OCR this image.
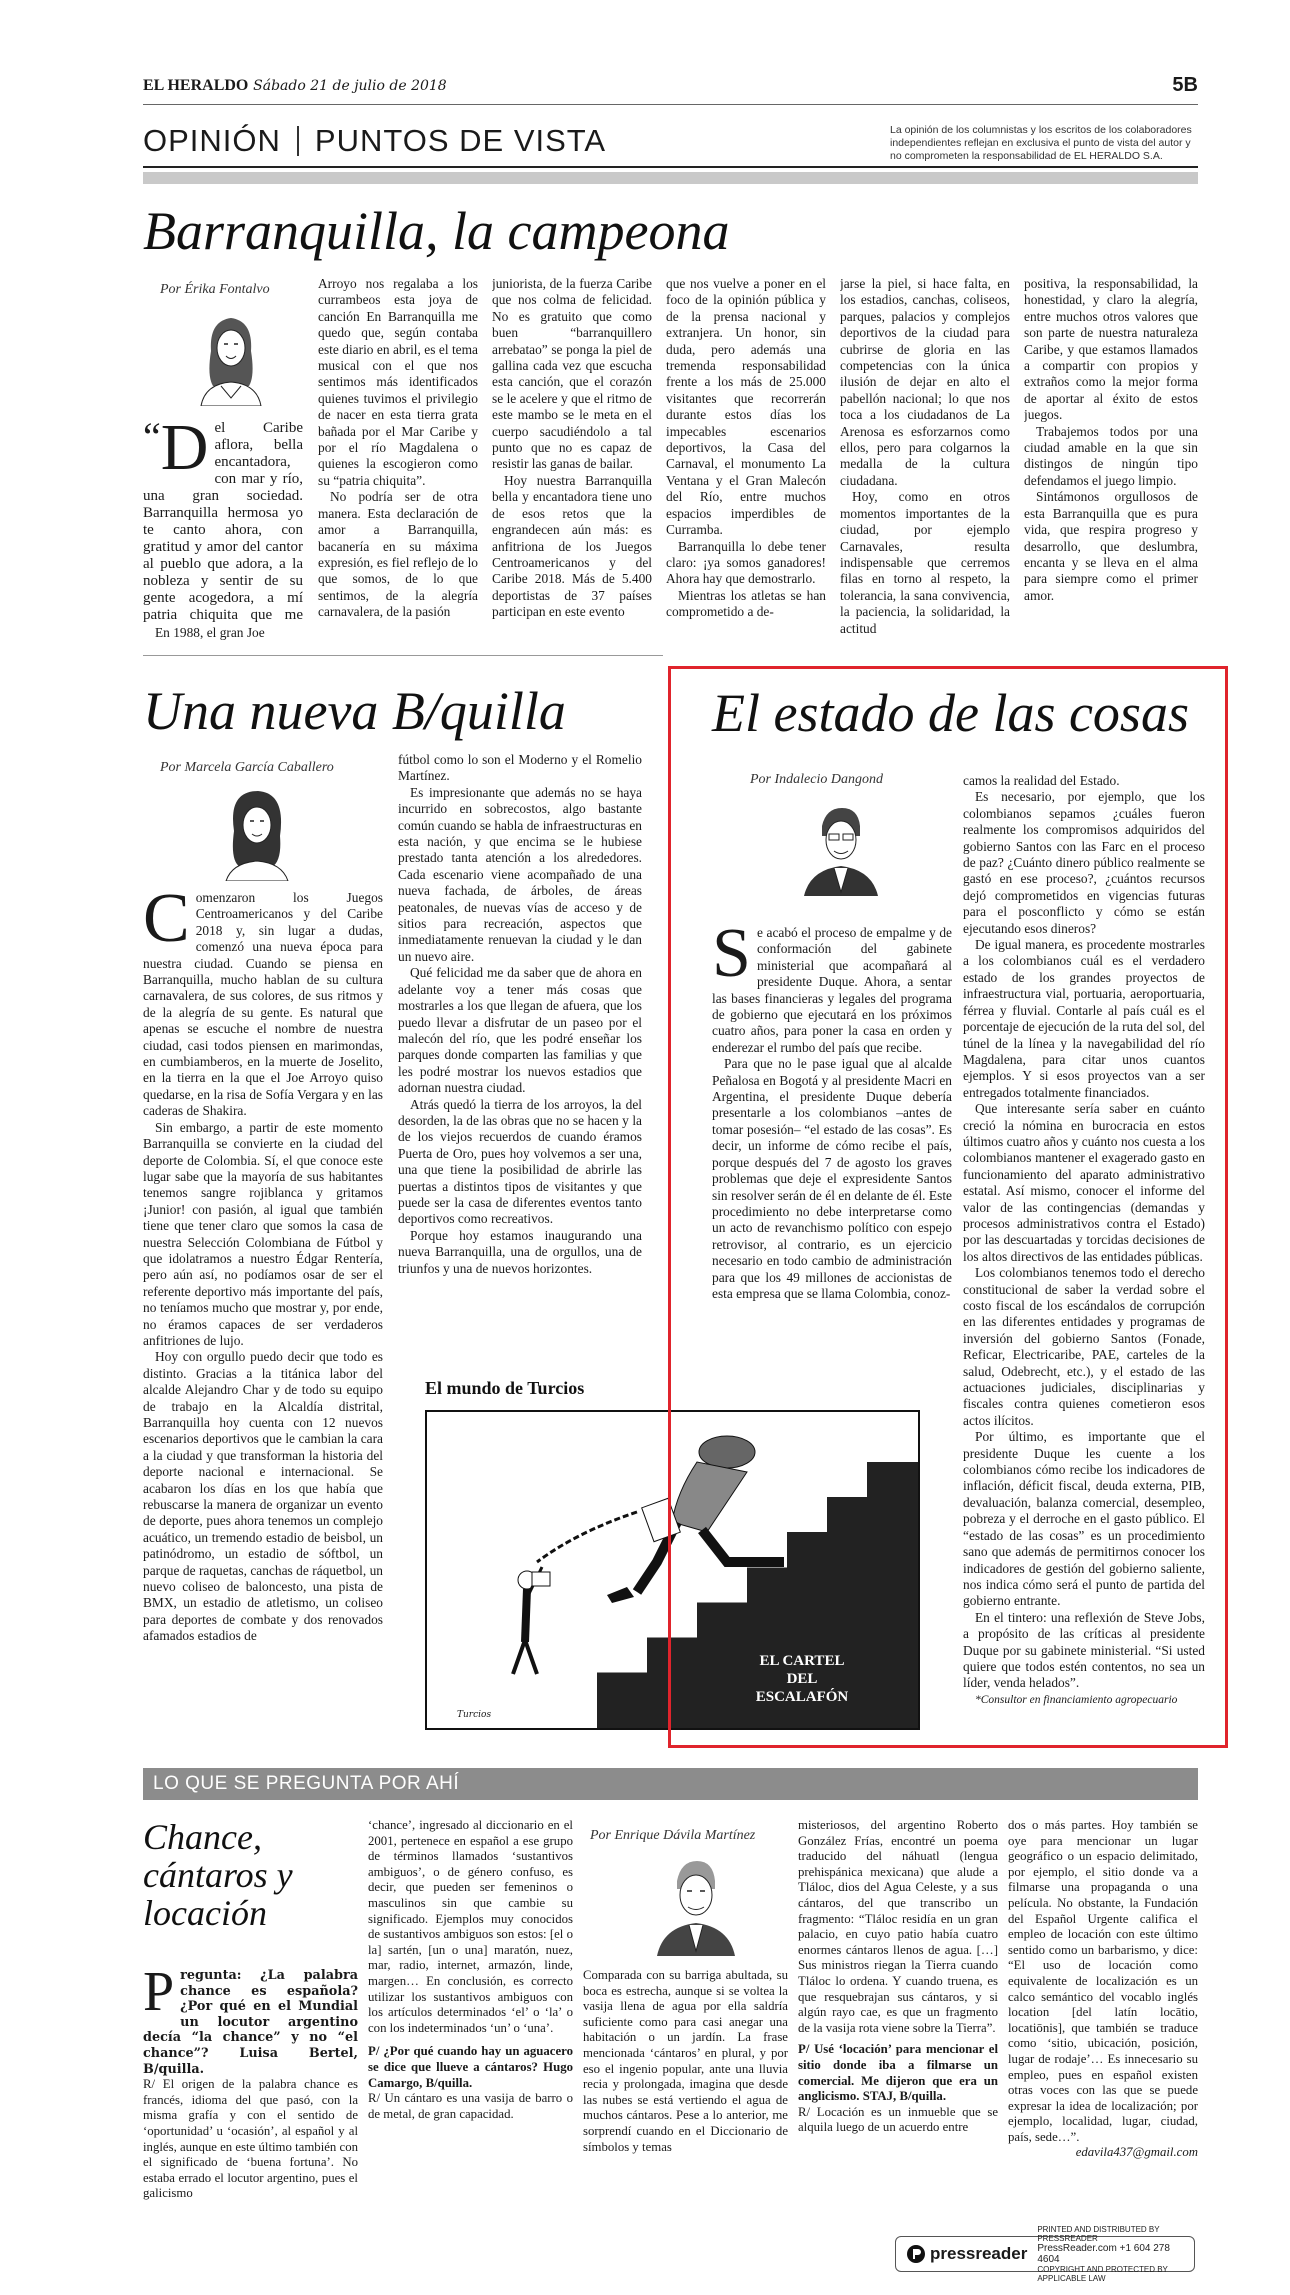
EL HERALDO Sábado 21 de julio de 2018	5B
OPINIÓN PUNTOS DE VISTA	La opinión de los columnistas y los escritos de los colaboradores independientes reflejan en exclusiva el punto de vista del autor y no comprometen la responsabilidad de EL HERALDO S.A.
Barranquilla, la campeona
Por Érika Fontalvo
“ D el Caribe aflora, bella encantadora, con mar y río, una gran sociedad. Barranquilla hermosa yo te canto ahora, con gratitud y amor del cantor al pueblo que adora, a la nobleza y sentir de su gente acogedora, a mí patria chiquita que me

En 1988, el gran Joe

Arroyo nos regalaba a los currambeos esta joya de canción En Barranquilla me quedo que, según contaba este diario en abril, es el tema musical con el que nos sentimos más identificados quienes tuvimos el privilegio de nacer en esta tierra grata bañada por el Mar Caribe y por el río Magdalena o quienes la escogieron como su “patria chiquita”.

No podría ser de otra manera. Esta declaración de amor a Barranquilla, bacanería en su máxima expresión, es fiel reflejo de lo que somos, de lo que sentimos, de la alegría carnavalera, de la pasión

juniorista, de la fuerza Caribe que nos colma de felicidad. No es gratuito que como buen “barranquillero arrebatao” se ponga la piel de gallina cada vez que escucha esta canción, que el corazón se le acelere y que el ritmo de este mambo se le meta en el cuerpo sacudiéndolo a tal punto que no es capaz de resistir las ganas de bailar.

Hoy nuestra Barranquilla bella y encantadora tiene uno de esos retos que la engrandecen aún más: es anfitriona de los Juegos Centroamericanos y del Caribe 2018. Más de 5.400 deportistas de 37 países participan en este evento

que nos vuelve a poner en el foco de la opinión pública y de la prensa nacional y extranjera. Un honor, sin duda, pero además una tremenda responsabilidad frente a los más de 25.000 visitantes que recorrerán durante estos días los impecables escenarios deportivos, la Casa del Carnaval, el monumento La Ventana y el Gran Malecón del Río, entre muchos espacios imperdibles de Curramba.

Barranquilla lo debe tener claro: ¡ya somos ganadores! Ahora hay que demostrarlo.

Mientras los atletas se han comprometido a de-

jarse la piel, si hace falta, en los estadios, canchas, coliseos, parques, palacios y complejos deportivos de la ciudad para cubrirse de gloria en las competencias con la única ilusión de dejar en alto el pabellón nacional; lo que nos toca a los ciudadanos de La Arenosa es esforzarnos como ellos, pero para colgarnos la medalla de la cultura ciudadana.

Hoy, como en otros momentos importantes de la ciudad, por ejemplo Carnavales, resulta indispensable que cerremos filas en torno al respeto, la tolerancia, la sana convivencia, la paciencia, la solidaridad, la actitud

positiva, la responsabilidad, la honestidad, y claro la alegría, entre muchos otros valores que son parte de nuestra naturaleza Caribe, y que estamos llamados a compartir con propios y extraños como la mejor forma de aportar al éxito de estos juegos.

Trabajemos todos por una ciudad amable en la que sin distingos de ningún tipo defendamos el juego limpio.

Sintámonos orgullosos de esta Barranquilla que es pura vida, que respira progreso y desarrollo, que deslumbra, encanta y se lleva en el alma para siempre como el primer amor.

Una nueva B/quilla
Por Marcela García Caballero
C omenzaron los Juegos Centroamericanos y del Caribe 2018 y, sin lugar a dudas, comenzó una nueva época para nuestra ciudad. Cuando se piensa en Barranquilla, mucho hablan de su cultura carnavalera, de sus colores, de sus ritmos y de la alegría de su gente. Es natural que apenas se escuche el nombre de nuestra ciudad, casi todos piensen en marimondas, en cumbiamberos, en la muerte de Joselito, en la tierra en la que el Joe Arroyo quiso quedarse, en la risa de Sofía Vergara y en las caderas de Shakira.

Sin embargo, a partir de este momento Barranquilla se convierte en la ciudad del deporte de Colombia. Sí, el que conoce este lugar sabe que la mayoría de sus habitantes tenemos sangre rojiblanca y gritamos ¡Junior! con pasión, al igual que también tiene que tener claro que somos la casa de nuestra Selección Colombiana de Fútbol y que idolatramos a nuestro Édgar Rentería, pero aún así, no podíamos osar de ser el referente deportivo más importante del país, no teníamos mucho que mostrar y, por ende, no éramos capaces de ser verdaderos anfitriones de lujo.

Hoy con orgullo puedo decir que todo es distinto. Gracias a la titánica labor del alcalde Alejandro Char y de todo su equipo de trabajo en la Alcaldía distrital, Barranquilla hoy cuenta con 12 nuevos escenarios deportivos que le cambian la cara a la ciudad y que transforman la historia del deporte nacional e internacional. Se acabaron los días en los que había que rebuscarse la manera de organizar un evento de deporte, pues ahora tenemos un complejo acuático, un tremendo estadio de beisbol, un patinódromo, un estadio de sóftbol, un parque de raquetas, canchas de ráquetbol, un nuevo coliseo de baloncesto, una pista de BMX, un estadio de atletismo, un coliseo para deportes de combate y dos renovados afamados estadios de

fútbol como lo son el Moderno y el Romelio Martínez.

Es impresionante que además no se haya incurrido en sobrecostos, algo bastante común cuando se habla de infraestructuras en esta nación, y que encima se le hubiese prestado tanta atención a los alrededores. Cada escenario viene acompañado de una nueva fachada, de árboles, de áreas peatonales, de nuevas vías de acceso y de sitios para recreación, aspectos que inmediatamente renuevan la ciudad y le dan un nuevo aire.

Qué felicidad me da saber que de ahora en adelante voy a tener más cosas que mostrarles a los que llegan de afuera, que los puedo llevar a disfrutar de un paseo por el malecón del río, que les podré enseñar los parques donde comparten las familias y que les podré mostrar los nuevos estadios que adornan nuestra ciudad.

Atrás quedó la tierra de los arroyos, la del desorden, la de las obras que no se hacen y la de los viejos recuerdos de cuando éramos Puerta de Oro, pues hoy volvemos a ser una, una que tiene la posibilidad de abrirle las puertas a distintos tipos de visitantes y que puede ser la casa de diferentes eventos tanto deportivos como recreativos.

Porque hoy estamos inaugurando una nueva Barranquilla, una de orgullos, una de triunfos y una de nuevos horizontes.

El mundo de Turcios
EL CARTEL
DEL
ESCALAFÓN
Turcios
El estado de las cosas
Por Indalecio Dangond
S e acabó el proceso de empalme y de conformación del gabinete ministerial que acompañará al presidente Duque. Ahora, a sentar las bases financieras y legales del programa de gobierno que ejecutará en los próximos cuatro años, para poner la casa en orden y enderezar el rumbo del país que recibe.

Para que no le pase igual que al alcalde Peñalosa en Bogotá y al presidente Macri en Argentina, el presidente Duque debería presentarle a los colombianos –antes de tomar posesión– “el estado de las cosas”. Es decir, un informe de cómo recibe el país, porque después del 7 de agosto los graves problemas que deje el expresidente Santos sin resolver serán de él en delante de él. Este procedimiento no debe interpretarse como un acto de revanchismo político con espejo retrovisor, al contrario, es un ejercicio necesario en todo cambio de administración para que los 49 millones de accionistas de esta empresa que se llama Colombia, conoz-

camos la realidad del Estado.

Es necesario, por ejemplo, que los colombianos sepamos ¿cuáles fueron realmente los compromisos adquiridos del gobierno Santos con las Farc en el proceso de paz? ¿Cuánto dinero público realmente se gastó en ese proceso?, ¿cuántos recursos dejó comprometidos en vigencias futuras para el posconflicto y cómo se están ejecutando esos dineros?

De igual manera, es procedente mostrarles a los colombianos cuál es el verdadero estado de los grandes proyectos de infraestructura vial, portuaria, aeroportuaria, férrea y fluvial. Contarle al país cuál es el porcentaje de ejecución de la ruta del sol, del túnel de la línea y la navegabilidad del río Magdalena, para citar unos cuantos ejemplos. Y si esos proyectos van a ser entregados totalmente financiados.

Que interesante sería saber en cuánto creció la nómina en burocracia en estos últimos cuatro años y cuánto nos cuesta a los colombianos mantener el exagerado gasto en funcionamiento del aparato administrativo estatal. Así mismo, conocer el informe del valor de las contingencias (demandas y procesos administrativos contra el Estado) por las descuartadas y torcidas decisiones de los altos directivos de las entidades públicas.

Los colombianos tenemos todo el derecho constitucional de saber la verdad sobre el costo fiscal de los escándalos de corrupción en las diferentes entidades y programas de inversión del gobierno Santos (Fonade, Reficar, Electricaribe, PAE, carteles de la salud, Odebrecht, etc.), y el estado de las actuaciones judiciales, disciplinarias y fiscales contra quienes cometieron esos actos ilícitos.

Por último, es importante que el presidente Duque les cuente a los colombianos cómo recibe los indicadores de inflación, déficit fiscal, deuda externa, PIB, devaluación, balanza comercial, desempleo, pobreza y el derroche en el gasto público. El “estado de las cosas” es un procedimiento sano que además de permitirnos conocer los indicadores de gestión del gobierno saliente, nos indica cómo será el punto de partida del gobierno entrante.

En el tintero: una reflexión de Steve Jobs, a propósito de las críticas al presidente Duque por su gabinete ministerial. “Si usted quiere que todos estén contentos, no sea un líder, venda helados”.

*Consultor en financiamiento agropecuario

LO QUE SE PREGUNTA POR AHÍ
Chance,
cántaros y
locación
P regunta: ¿La palabra chance es española? ¿Por qué en el Mundial un locutor argentino decía “la chance” y no “el chance”? Luisa Bertel, B/quilla.

R/ El origen de la palabra chance es francés, idioma del que pasó, con la misma grafía y con el sentido de ‘oportunidad’ u ‘ocasión’, al español y al inglés, aunque en este último también con el significado de ‘buena fortuna’. No estaba errado el locutor argentino, pues el galicismo

‘chance’, ingresado al diccionario en el 2001, pertenece en español a ese grupo de términos llamados ‘sustantivos ambiguos’, o de género confuso, es decir, que pueden ser femeninos o masculinos sin que cambie su significado. Ejemplos muy conocidos de sustantivos ambiguos son estos: [el o la] sartén, [un o una] maratón, nuez, mar, radio, internet, armazón, linde, margen… En conclusión, es correcto utilizar los sustantivos ambiguos con los artículos determinados ‘el’ o ‘la’ o con los indeterminados ‘un’ o ‘una’.

P/ ¿Por qué cuando hay un aguacero se dice que llueve a cántaros? Hugo Camargo, B/quilla.

R/ Un cántaro es una vasija de barro o de metal, de gran capacidad.

Por Enrique Dávila Martínez

Comparada con su barriga abultada, su boca es estrecha, aunque si se voltea la vasija llena de agua por ella saldría suficiente como para casi anegar una habitación o un jardín. La frase mencionada ‘cántaros’ en plural, y por eso el ingenio popular, ante una lluvia recia y prolongada, imagina que desde las nubes se está vertiendo el agua de muchos cántaros. Pese a lo anterior, me sorprendí cuando en el Diccionario de símbolos y temas

misteriosos, del argentino Roberto González Frías, encontré un poema traducido del náhuatl (lengua prehispánica mexicana) que alude a Tláloc, dios del Agua Celeste, y a sus cántaros, del que transcribo un fragmento: “Tláloc residía en un gran palacio, en cuyo patio había cuatro enormes cántaros llenos de agua. […] Sus ministros riegan la Tierra cuando Tláloc lo ordena. Y cuando truena, es que resquebrajan sus cántaros, y si algún rayo cae, es que un fragmento de la vasija rota viene sobre la Tierra”.

P/ Usé ‘locación’ para mencionar el sitio donde iba a filmarse un comercial. Me dijeron que era un anglicismo. STAJ, B/quilla.

R/ Locación es un inmueble que se alquila luego de un acuerdo entre

dos o más partes. Hoy también se oye para mencionar un lugar geográfico o un espacio delimitado, por ejemplo, el sitio donde va a filmarse una propaganda o una película. No obstante, la Fundación del Español Urgente califica el empleo de locación con este último sentido como un barbarismo, y dice: “El uso de locación como equivalente de localización es un calco semántico del vocablo inglés location [del latín locātio, locatiōnis], que también se traduce como ‘sitio, ubicación, posición, lugar de rodaje’… Es innecesario su empleo, pues en español existen otras voces con las que se puede expresar la idea de localización; por ejemplo, localidad, lugar, ciudad, país, sede…”.

edavila437@gmail.com

pressreader
PRINTED AND DISTRIBUTED BY PRESSREADER
PressReader.com +1 604 278 4604
COPYRIGHT AND PROTECTED BY APPLICABLE LAW
